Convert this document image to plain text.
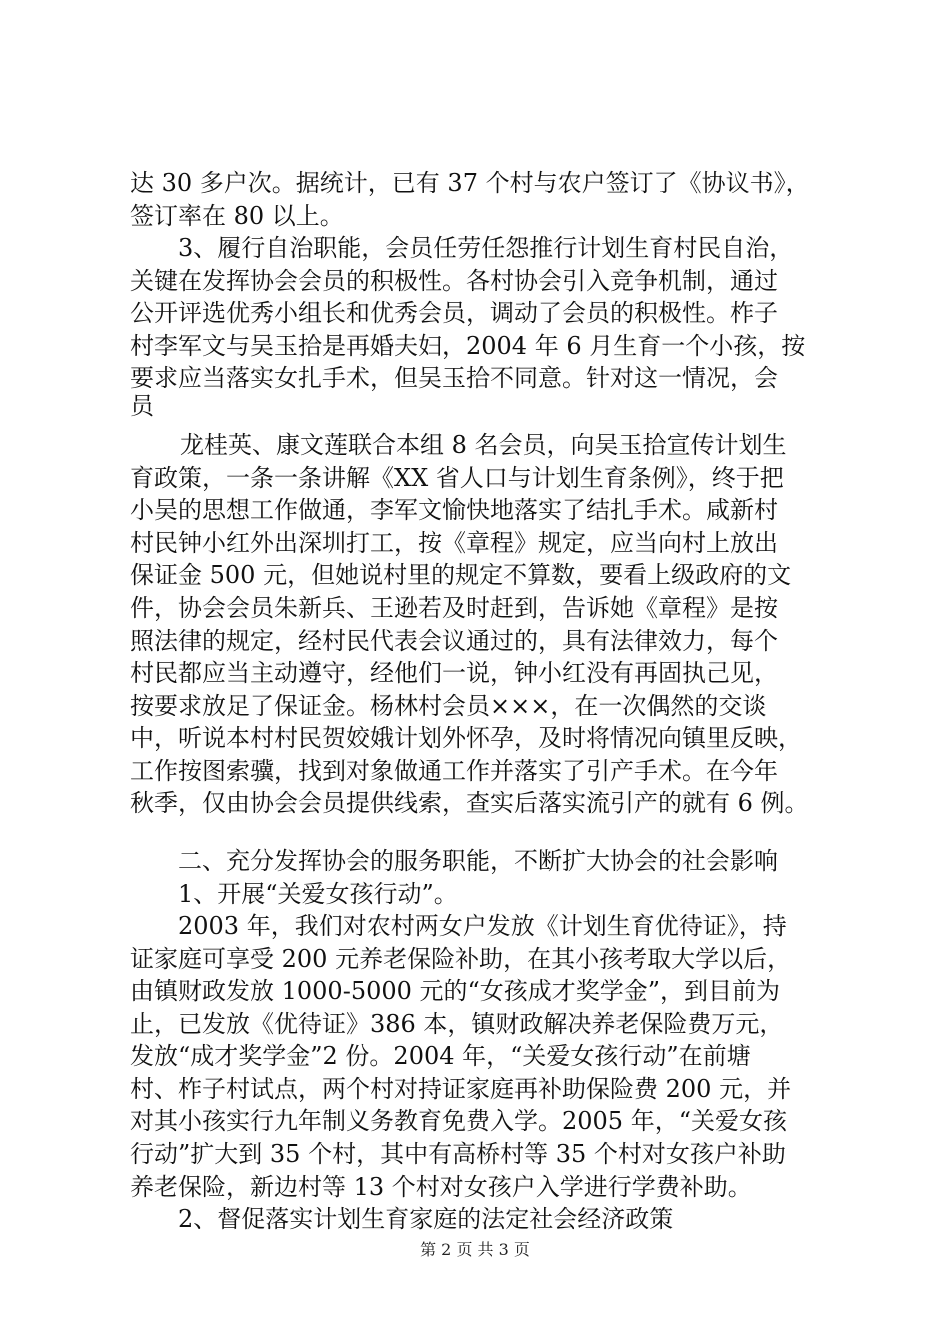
达 30 多户次。据统计，已有 37 个村与农户签订了《协议书》，
签订率在 80 以上。
3、履行自治职能，会员任劳任怨推行计划生育村民自治，
关键在发挥协会会员的积极性。各村协会引入竞争机制，通过
公开评选优秀小组长和优秀会员，调动了会员的积极性。柞子
村李军文与吴玉拾是再婚夫妇，2004 年 6 月生育一个小孩，按
要求应当落实女扎手术，但吴玉拾不同意。针对这一情况，会
员
龙桂英、康文莲联合本组 8 名会员，向吴玉拾宣传计划生
育政策，一条一条讲解《XX 省人口与计划生育条例》，终于把
小吴的思想工作做通，李军文愉快地落实了结扎手术。咸新村
村民钟小红外出深圳打工，按《章程》规定，应当向村上放出
保证金 500 元，但她说村里的规定不算数，要看上级政府的文
件，协会会员朱新兵、王逊若及时赶到，告诉她《章程》是按
照法律的规定，经村民代表会议通过的，具有法律效力，每个
村民都应当主动遵守，经他们一说，钟小红没有再固执己见，
按要求放足了保证金。杨林村会员×××，在一次偶然的交谈
中，听说本村村民贺姣娥计划外怀孕，及时将情况向镇里反映，
工作按图索骥，找到对象做通工作并落实了引产手术。在今年
秋季，仅由协会会员提供线索，查实后落实流引产的就有 6 例。
二、充分发挥协会的服务职能，不断扩大协会的社会影响
1、开展“关爱女孩行动”。
2003 年，我们对农村两女户发放《计划生育优待证》，持
证家庭可享受 200 元养老保险补助，在其小孩考取大学以后，
由镇财政发放 1000-5000 元的“女孩成才奖学金”，到目前为
止，已发放《优待证》386 本，镇财政解决养老保险费万元，
发放“成才奖学金”2 份。2004 年，“关爱女孩行动”在前塘
村、柞子村试点，两个村对持证家庭再补助保险费 200 元，并
对其小孩实行九年制义务教育免费入学。2005 年，“关爱女孩
行动”扩大到 35 个村，其中有高桥村等 35 个村对女孩户补助
养老保险，新边村等 13 个村对女孩户入学进行学费补助。
2、督促落实计划生育家庭的法定社会经济政策
第 2 页 共 3 页
